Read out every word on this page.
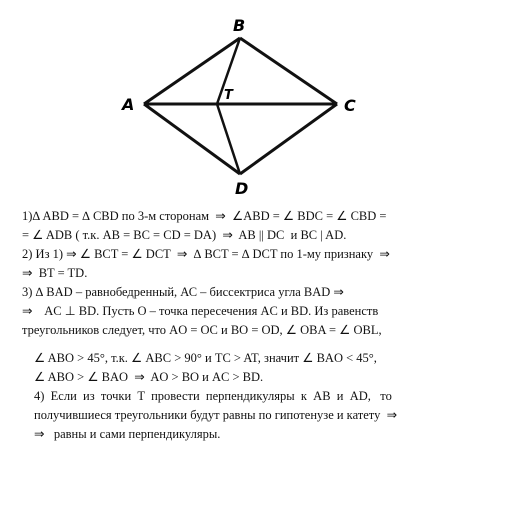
A
B
C
D
T
1)∆ ABD = ∆ CBD по 3-м сторонам  ⇒  ∠ABD = ∠ BDC = ∠ CBD =
= ∠ ADB ( т.к. AB = BC = CD = DA)  ⇒  AB || DC  и BC | AD.
2) Из 1) ⇒ ∠ BCT = ∠ DCT  ⇒  ∆ BCT = ∆ DCT по 1-му признаку  ⇒
⇒  BT = TD.
3) ∆ BAD – равнобедренный, АС – биссектриса угла BAD ⇒
⇒    AC ⊥ BD. Пусть O – точка пересечения AC и BD. Из равенств
треугольников следует, что AO = OC и BO = OD, ∠ OBA = ∠ OBL,
∠ ABO > 45°, т.к. ∠ ABC > 90° и TC > AT, значит ∠ BAO < 45°,
∠ ABO > ∠ BAO  ⇒  AO > BO и AC > BD.
4)  Если  из  точки  T  провести  перпендикуляры  к  AB  и  AD,   то
получившиеся треугольники будут равны по гипотенузе и катету  ⇒
⇒   равны и сами перпендикуляры.
